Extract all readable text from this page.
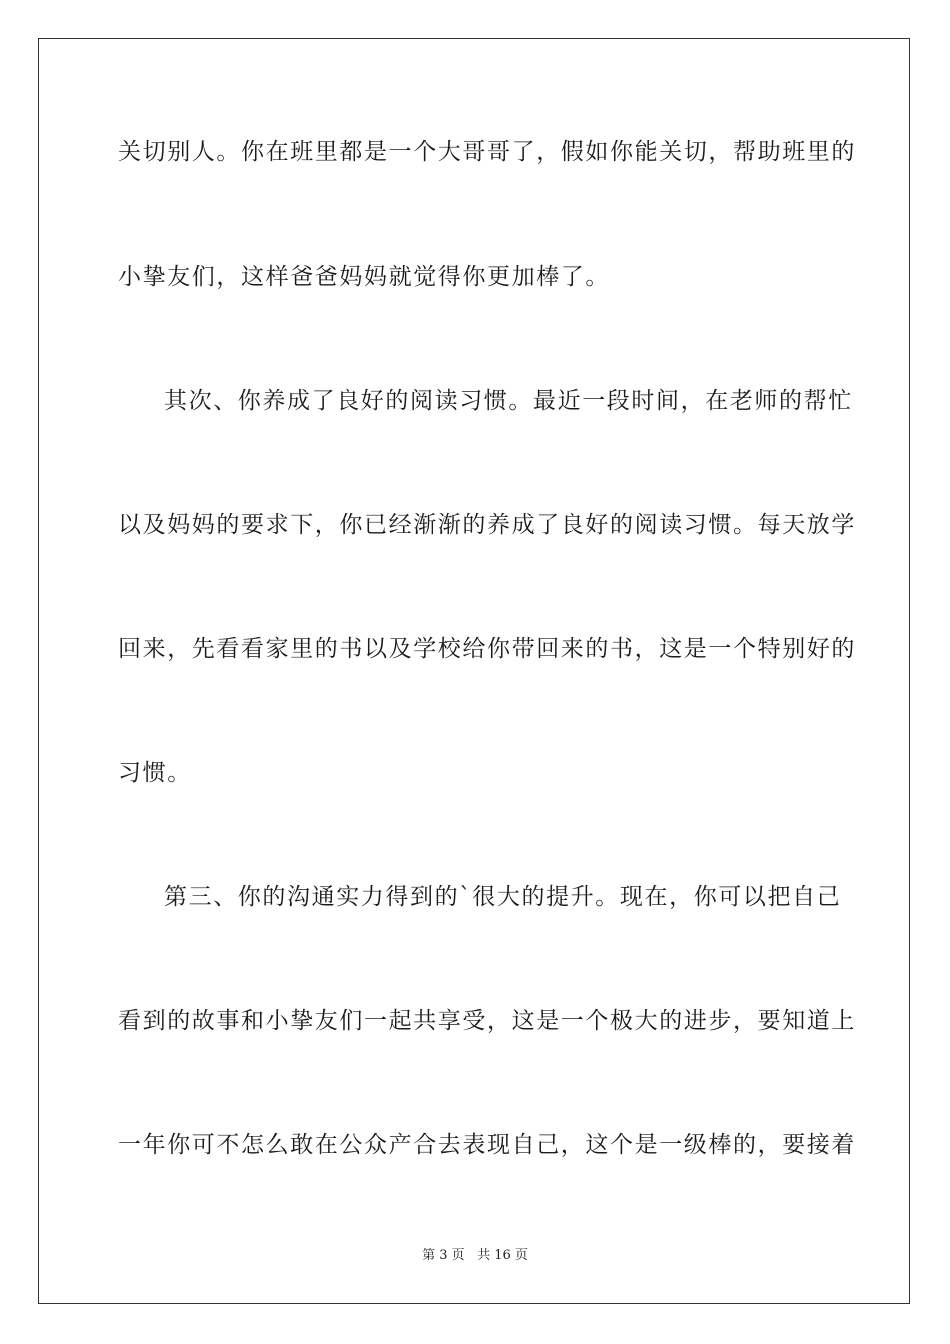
关切别人。你在班里都是一个大哥哥了，假如你能关切，帮助班里的
小挚友们，这样爸爸妈妈就觉得你更加棒了。
其次、你养成了良好的阅读习惯。最近一段时间，在老师的帮忙
以及妈妈的要求下，你已经渐渐的养成了良好的阅读习惯。每天放学
回来，先看看家里的书以及学校给你带回来的书，这是一个特别好的
习惯。
第三、你的沟通实力得到的`很大的提升。现在，你可以把自己
看到的故事和小挚友们一起共享受，这是一个极大的进步，要知道上
一年你可不怎么敢在公众产合去表现自己，这个是一级棒的，要接着
第 3 页 共 16 页
